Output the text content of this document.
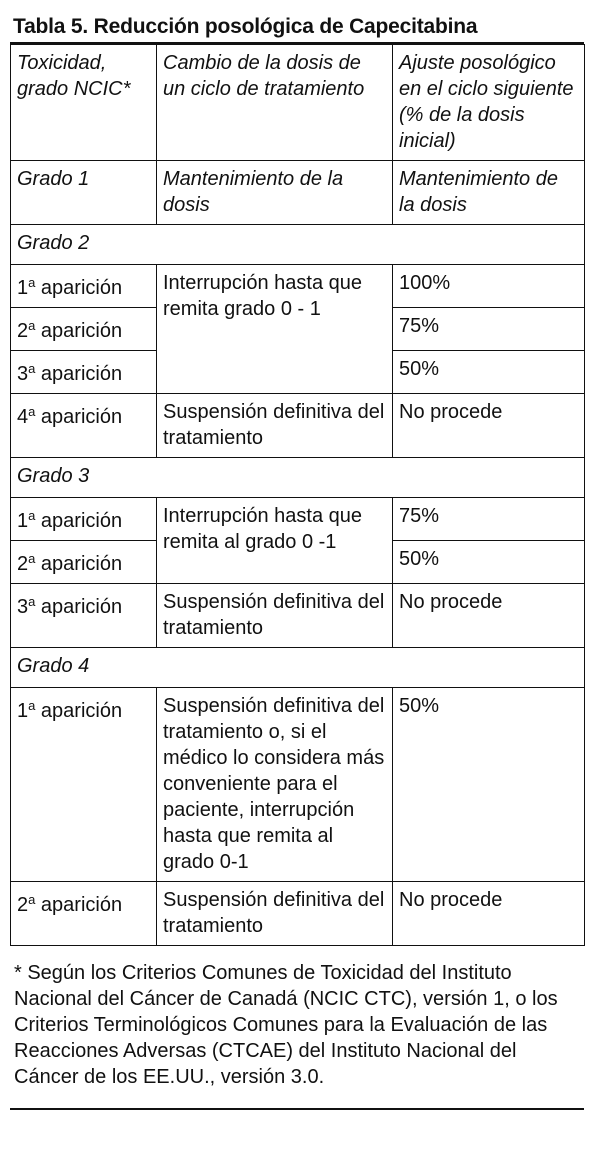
Tabla 5. Reducción posológica de Capecitabina
Toxicidad, grado NCIC*	Cambio de la dosis de un ciclo de tratamiento	Ajuste posológico en el ciclo siguiente (% de la dosis inicial)
Grado 1	Mantenimiento de la dosis	Mantenimiento de la dosis
Grado 2		
1$^a$ aparición	Interrupción hasta que remita grado 0 - 1	100%
2$^a$ aparición		75%
3$^a$ aparición		50%
4$^a$ aparición	Suspensión definitiva del tratamiento	No procede
Grado 3		
1$^a$ aparición	Interrupción hasta que remita al grado 0 -1	75%
2$^a$ aparición		50%
3$^a$ aparición	Suspensión definitiva del tratamiento	No procede
Grado 4		
1$^a$ aparición	Suspensión definitiva del tratamiento o, si el médico lo considera más conveniente para el paciente, interrupción hasta que remita al grado 0-1	50%
2$^a$ aparición	Suspensión definitiva del tratamiento	No procede

* Según los Criterios Comunes de Toxicidad del Instituto Nacional del Cáncer de Canadá (NCIC CTC), versión 1, o los Criterios Terminológicos Comunes para la Evaluación de las Reacciones Adversas (CTCAE) del Instituto Nacional del Cáncer de los EE.UU., versión 3.0.
